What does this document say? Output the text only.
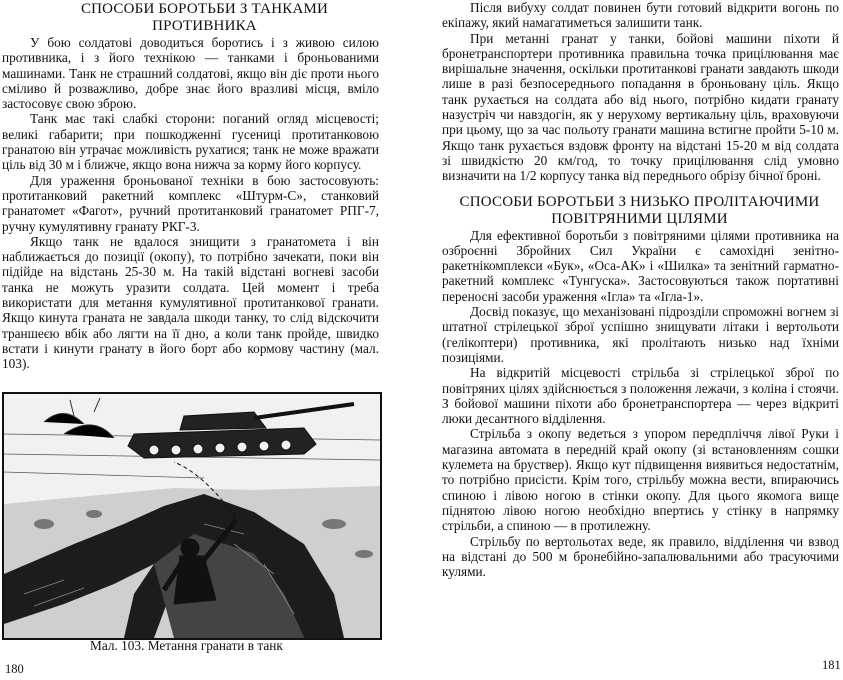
СПОСОБИ БОРОТЬБИ З ТАНКАМИ ПРОТИВНИКА

У бою солдатові доводиться боротись і з живою силою противника, і з його технікою — танками і броньованими машинами. Танк не страшний солдатові, якщо він діє проти нього сміливо й розважливо, добре знає його вразливі місця, вміло застосовує свою зброю.

Танк має такі слабкі сторони: поганий огляд місцевості; великі габарити; при пошкодженні гусениці протитанковою гранатою він утрачає можливість рухатися; танк не може вражати ціль від 30 м і ближче, якщо вона нижча за корму його корпусу.

Для ураження броньованої техніки в бою застосовують: протитанковий ракетний комплекс «Штурм-С», станковий гранатомет «Фагот», ручний протитанковий гранатомет РПГ-7, ручну кумулятивну гранату РКГ-3.

Якщо танк не вдалося знищити з гранатомета і він наближається до позиції (окопу), то потрібно зачекати, поки він підійде на відстань 25-30 м. На такій відстані вогневі засоби танка не можуть уразити солдата. Цей момент і треба використати для метання кумулятивної протитанкової гранати. Якщо кинута граната не завдала шкоди танку, то слід відскочити траншеєю вбік або лягти на її дно, а коли танк пройде, швидко встати і кинути гранату в його борт або кормову частину (мал. 103).

Мал. 103. Метання гранати в танк
180

Після вибуху солдат повинен бути готовий відкрити вогонь по екіпажу, який намагатиметься залишити танк.

При метанні гранат у танки, бойові машини піхоти й бронетранспортери противника правильна точка прицілювання має вирішальне значення, оскільки протитанкові гранати завдають шкоди лише в разі безпосереднього попадання в броньовану ціль. Якщо танк рухається на солдата або від нього, потрібно кидати гранату назустріч чи навздогін, як у нерухому вертикальну ціль, враховуючи при цьому, що за час польоту гранати машина встигне пройти 5-10 м. Якщо танк рухається вздовж фронту на відстані 15-20 м від солдата зі швидкістю 20 км/год, то точку прицілювання слід умовно визначити на 1/2 корпусу танка від переднього обрізу бічної броні.

СПОСОБИ БОРОТЬБИ З НИЗЬКО ПРОЛІТАЮЧИМИ ПОВІТРЯНИМИ ЦІЛЯМИ

Для ефективної боротьби з повітряними цілями противника на озброєнні Збройних Сил України є самохідні зенітно-ракетнікомплекси «Бук», «Оса-АК» і «Шилка» та зенітний гарматно-ракетний комплекс «Тунгуска». Застосовуються також портативні переносні засоби ураження «Ігла» та «Ігла-1».

Досвід показує, що механізовані підрозділи спроможні вогнем зі штатної стрілецької зброї успішно знищувати літаки і вертольоти (гелікоптери) противника, які пролітають низько над їхніми позиціями.

На відкритій місцевості стрільба зі стрілецької зброї по повітряних цілях здійснюється з положення лежачи, з коліна і стоячи. З бойової машини піхоти або бронетранспортера — через відкриті люки десантного відділення.

Стрільба з окопу ведеться з упором передпліччя лівої Руки і магазина автомата в передній край окопу (зі встановленням сошки кулемета на бруствер). Якщо кут підвищення виявиться недостатнім, то потрібно присісти. Крім того, стрільбу можна вести, впираючись спиною і лівою ногою в стінки окопу. Для цього якомога вище піднятою лівою ногою необхідно впертись у стінку в напрямку стрільби, а спиною — в протилежну.

Стрільбу по вертольотах веде, як правило, відділення чи взвод на відстані до 500 м бронебійно-запалювальними або трасуючими кулями.

181
